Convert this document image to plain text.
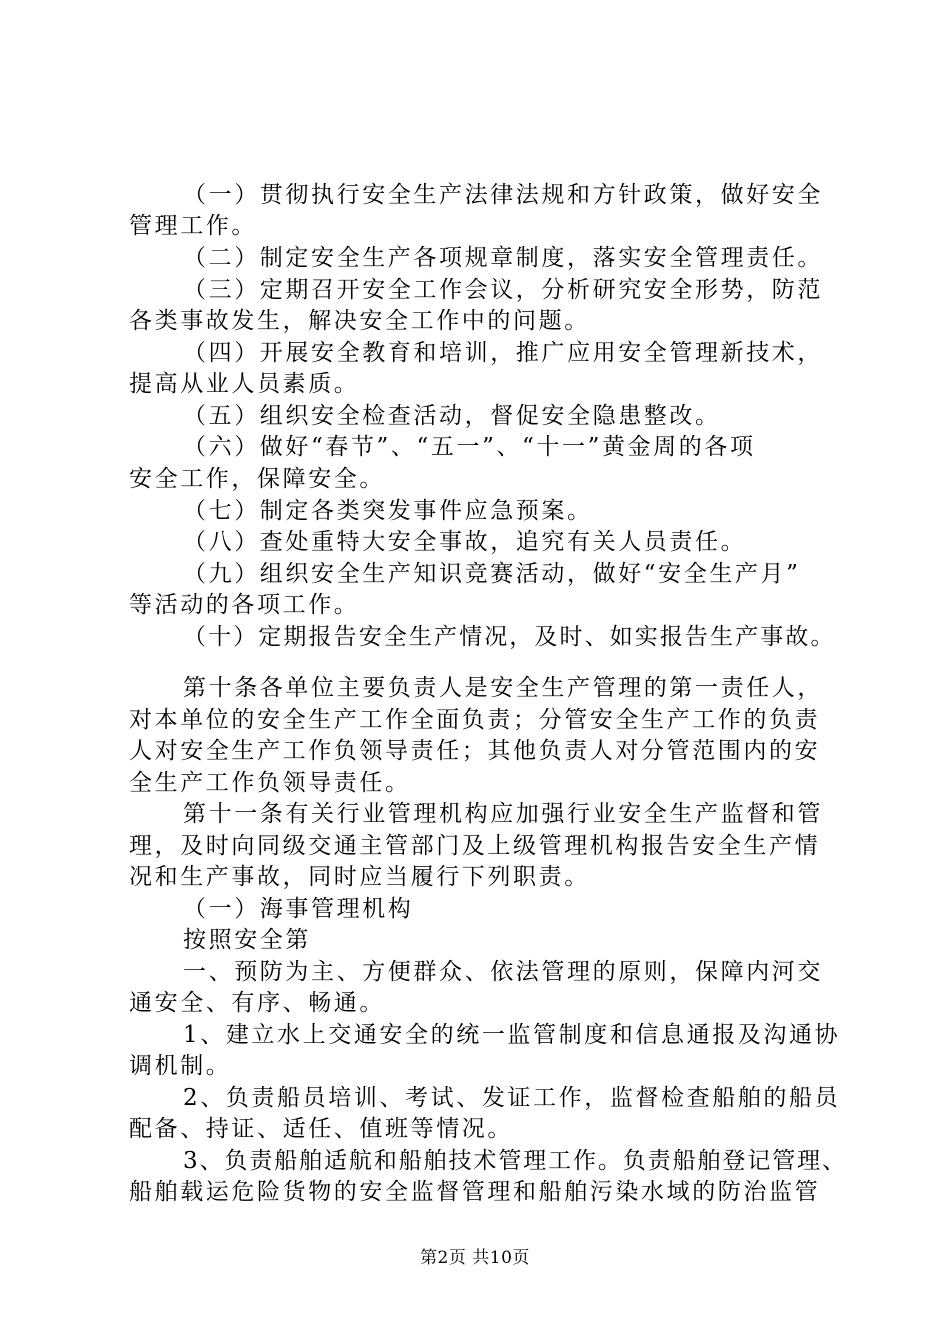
（一）贯彻执行安全生产法律法规和方针政策，做好安全
管理工作。
（二）制定安全生产各项规章制度，落实安全管理责任。
（三）定期召开安全工作会议，分析研究安全形势，防范
各类事故发生，解决安全工作中的问题。
（四）开展安全教育和培训，推广应用安全管理新技术，
提高从业人员素质。
（五）组织安全检查活动，督促安全隐患整改。
（六）做好“春节”、“五一”、“十一”黄金周的各项
安全工作，保障安全。
（七）制定各类突发事件应急预案。
（八）查处重特大安全事故，追究有关人员责任。
（九）组织安全生产知识竞赛活动，做好“安全生产月”
等活动的各项工作。
（十）定期报告安全生产情况，及时、如实报告生产事故。
第十条各单位主要负责人是安全生产管理的第一责任人，
对本单位的安全生产工作全面负责；分管安全生产工作的负责
人对安全生产工作负领导责任；其他负责人对分管范围内的安
全生产工作负领导责任。
第十一条有关行业管理机构应加强行业安全生产监督和管
理，及时向同级交通主管部门及上级管理机构报告安全生产情
况和生产事故，同时应当履行下列职责。
（一）海事管理机构
按照安全第
一、预防为主、方便群众、依法管理的原则，保障内河交
通安全、有序、畅通。
1、建立水上交通安全的统一监管制度和信息通报及沟通协
调机制。
2、负责船员培训、考试、发证工作，监督检查船舶的船员
配备、持证、适任、值班等情况。
3、负责船舶适航和船舶技术管理工作。负责船舶登记管理、
船舶载运危险货物的安全监督管理和船舶污染水域的防治监管
第2页 共10页
